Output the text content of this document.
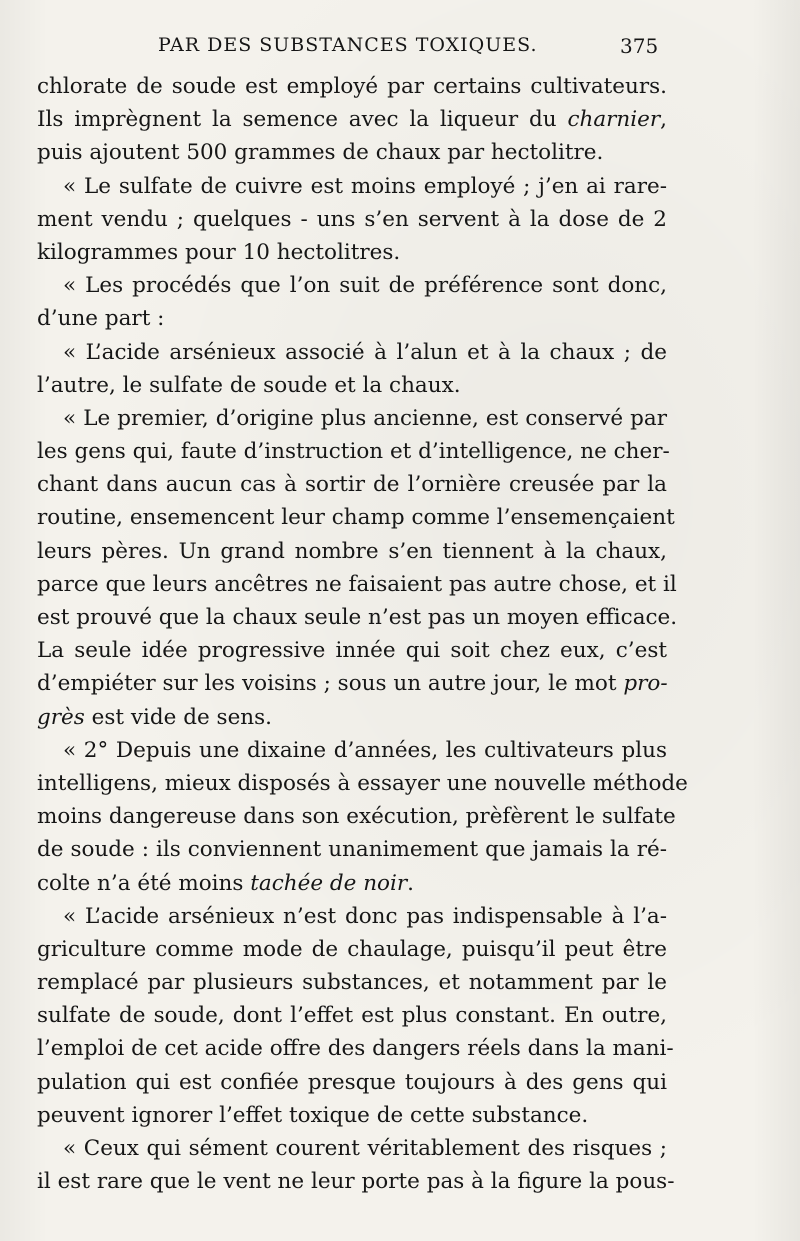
PAR DES SUBSTANCES TOXIQUES.	375
chlorate de soude est employé par certains cultivateurs.
Ils imprègnent la semence avec la liqueur du charnier,
puis ajoutent 500 grammes de chaux par hectolitre.
« Le sulfate de cuivre est moins employé ; j’en ai rare-
ment vendu ; quelques - uns s’en servent à la dose de 2
kilogrammes pour 10 hectolitres.
« Les procédés que l’on suit de préférence sont donc,
d’une part :
« L’acide arsénieux associé à l’alun et à la chaux ; de
l’autre, le sulfate de soude et la chaux.
« Le premier, d’origine plus ancienne, est conservé par
les gens qui, faute d’instruction et d’intelligence, ne cher-
chant dans aucun cas à sortir de l’ornière creusée par la
routine, ensemencent leur champ comme l’ensemençaient
leurs pères. Un grand nombre s’en tiennent à la chaux,
parce que leurs ancêtres ne faisaient pas autre chose, et il
est prouvé que la chaux seule n’est pas un moyen efficace.
La seule idée progressive innée qui soit chez eux, c’est
d’empiéter sur les voisins ; sous un autre jour, le mot pro-
grès est vide de sens.
« 2° Depuis une dixaine d’années, les cultivateurs plus
intelligens, mieux disposés à essayer une nouvelle méthode
moins dangereuse dans son exécution, prèfèrent le sulfate
de soude : ils conviennent unanimement que jamais la ré-
colte n’a été moins tachée de noir.
« L’acide arsénieux n’est donc pas indispensable à l’a-
griculture comme mode de chaulage, puisqu’il peut être
remplacé par plusieurs substances, et notamment par le
sulfate de soude, dont l’effet est plus constant. En outre,
l’emploi de cet acide offre des dangers réels dans la mani-
pulation qui est confiée presque toujours à des gens qui
peuvent ignorer l’effet toxique de cette substance.
« Ceux qui sément courent véritablement des risques ;
il est rare que le vent ne leur porte pas à la figure la pous-
